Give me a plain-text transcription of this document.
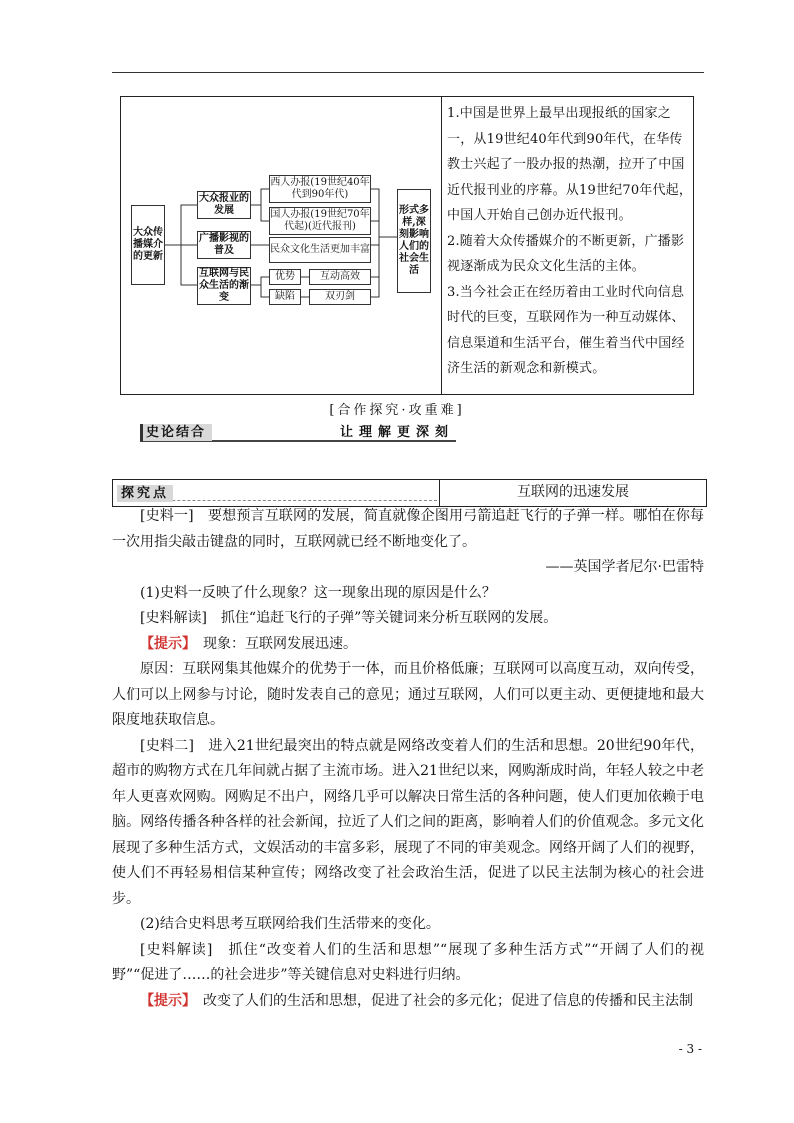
大众传播媒介的更新
大众报业的发展
广播影视的普及
互联网与民众生活的渐变
西人办报(19世纪40年代到90年代)
国人办报(19世纪70年代起)(近代报刊)
民众文化生活更加丰富
优势
缺陷
互动高效
双刃剑
形式多样,深刻影响人们的社会生活

1.中国是世界上最早出现报纸的国家之一，从19世纪40年代到90年代，在华传教士兴起了一股办报的热潮，拉开了中国近代报刊业的序幕。从19世纪70年代起，中国人开始自己创办近代报刊。

2.随着大众传播媒介的不断更新，广播影视逐渐成为民众文化生活的主体。

3.当今社会正在经历着由工业时代向信息时代的巨变，互联网作为一种互动媒体、信息渠道和生活平台，催生着当代中国经济生活的新观念和新模式。

[合作探究·攻重难]
史论结合	让理解更深刻
探究点	互联网的迅速发展

[史料一]　要想预言互联网的发展，简直就像企图用弓箭追赶飞行的子弹一样。哪怕在你每一次用指尖敲击键盘的同时，互联网就已经不断地变化了。

——英国学者尼尔·巴雷特

(1)史料一反映了什么现象？这一现象出现的原因是什么？

[史料解读]　抓住“追赶飞行的子弹”等关键词来分析互联网的发展。

【提示】　现象：互联网发展迅速。

原因：互联网集其他媒介的优势于一体，而且价格低廉；互联网可以高度互动，双向传受，人们可以上网参与讨论，随时发表自己的意见；通过互联网，人们可以更主动、更便捷地和最大限度地获取信息。

[史料二]　进入21世纪最突出的特点就是网络改变着人们的生活和思想。20世纪90年代，超市的购物方式在几年间就占据了主流市场。进入21世纪以来，网购渐成时尚，年轻人较之中老年人更喜欢网购。网购足不出户，网络几乎可以解决日常生活的各种问题，使人们更加依赖于电脑。网络传播各种各样的社会新闻，拉近了人们之间的距离，影响着人们的价值观念。多元文化展现了多种生活方式，文娱活动的丰富多彩，展现了不同的审美观念。网络开阔了人们的视野，使人们不再轻易相信某种宣传；网络改变了社会政治生活，促进了以民主法制为核心的社会进步。

(2)结合史料思考互联网给我们生活带来的变化。

[史料解读]　抓住“改变着人们的生活和思想”“展现了多种生活方式”“开阔了人们的视野”“促进了……的社会进步”等关键信息对史料进行归纳。

【提示】　改变了人们的生活和思想，促进了社会的多元化；促进了信息的传播和民主法制

- 3 -
